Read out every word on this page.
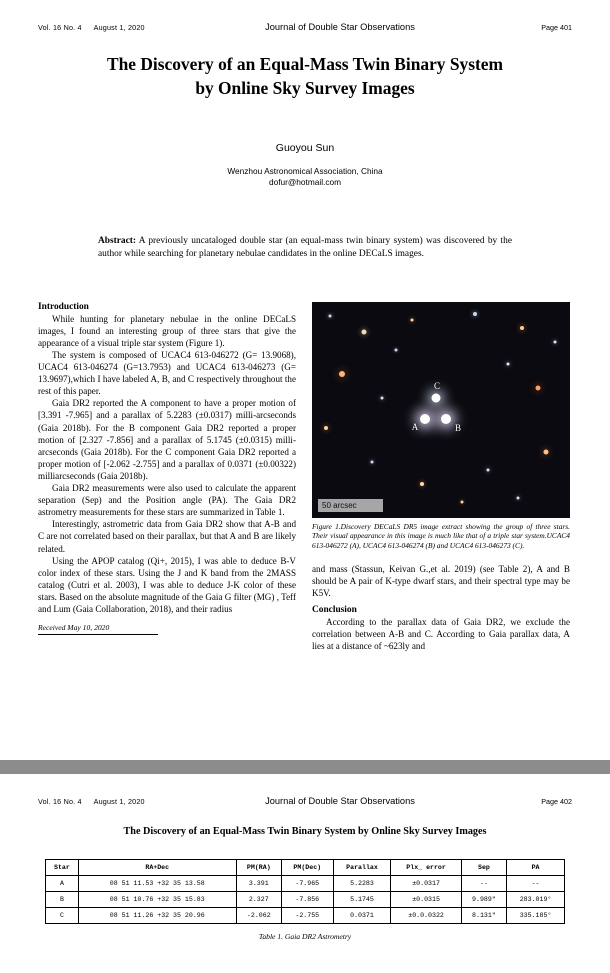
Vol. 16 No. 4 August 1, 2020	Journal of Double Star Observations	Page 401
The Discovery of an Equal-Mass Twin Binary System
by Online Sky Survey Images
Guoyou Sun
Wenzhou Astronomical Association, China
dofur@hotmail.com
Abstract: A previously uncataloged double star (an equal-mass twin binary system) was discovered by the author while searching for planetary nebulae candidates in the online DECaLS images.
Introduction

While hunting for planetary nebulae in the online DECaLS images, I found an interesting group of three stars that give the appearance of a visual triple star system (Figure 1).

The system is composed of UCAC4 613-046272 (G= 13.9068), UCAC4 613-046274 (G=13.7953) and UCAC4 613-046273 (G= 13.9697),which I have labeled A, B, and C respectively throughout the rest of this paper.

Gaia DR2 reported the A component to have a proper motion of [3.391 -7.965] and a parallax of 5.2283 (±0.0317) milli-arcseconds (Gaia 2018b). For the B component Gaia DR2 reported a proper motion of [2.327 -7.856] and a parallax of 5.1745 (±0.0315) milli-arcseconds (Gaia 2018b). For the C component Gaia DR2 reported a proper motion of [-2.062 -2.755] and a parallax of 0.0371 (±0.00322) milliarcseconds (Gaia 2018b).

Gaia DR2 measurements were also used to calculate the apparent separation (Sep) and the Position angle (PA). The Gaia DR2 astrometry measurements for these stars are summarized in Table 1.

Interestingly, astrometric data from Gaia DR2 show that A-B and C are not correlated based on their parallax, but that A and B are likely related.

Using the APOP catalog (Qi+, 2015), I was able to deduce B-V color index of these stars. Using the J and K band from the 2MASS catalog (Cutri et al. 2003), I was able to deduce J-K color of these stars. Based on the absolute magnitude of the Gaia G filter (MG) , Teff and Lum (Gaia Collaboration, 2018), and their radius

Received May 10, 2020
C
A	B
50 arcsec
Figure 1.Discovery DECaLS DR5 image extract showing the group of three stars. Their visual appearance in this image is much like that of a triple star system.UCAC4 613-046272 (A), UCAC4 613-046274 (B) and UCAC4 613-046273 (C).

and mass (Stassun, Keivan G.,et al. 2019) (see Table 2), A and B should be A pair of K-type dwarf stars, and their spectral type may be K5V.

Conclusion

According to the parallax data of Gaia DR2, we exclude the correlation between A-B and C. According to Gaia parallax data, A lies at a distance of ~623ly and

Vol. 16 No. 4 August 1, 2020	Journal of Double Star Observations	Page 402
The Discovery of an Equal-Mass Twin Binary System by Online Sky Survey Images
Star	RA+Dec	PM(RA)	PM(Dec)	Parallax	Plx_ error	Sep	PA
A	08 51 11.53 +32 35 13.58	3.391	-7.965	5.2283	±0.0317	--	--
B	08 51 10.76 +32 35 15.83	2.327	-7.856	5.1745	±0.0315	9.989"	283.019°
C	08 51 11.26 +32 35 20.96	-2.062	-2.755	0.0371	±0.0.0322	8.131"	335.185°
Table 1. Gaia DR2 Astrometry
